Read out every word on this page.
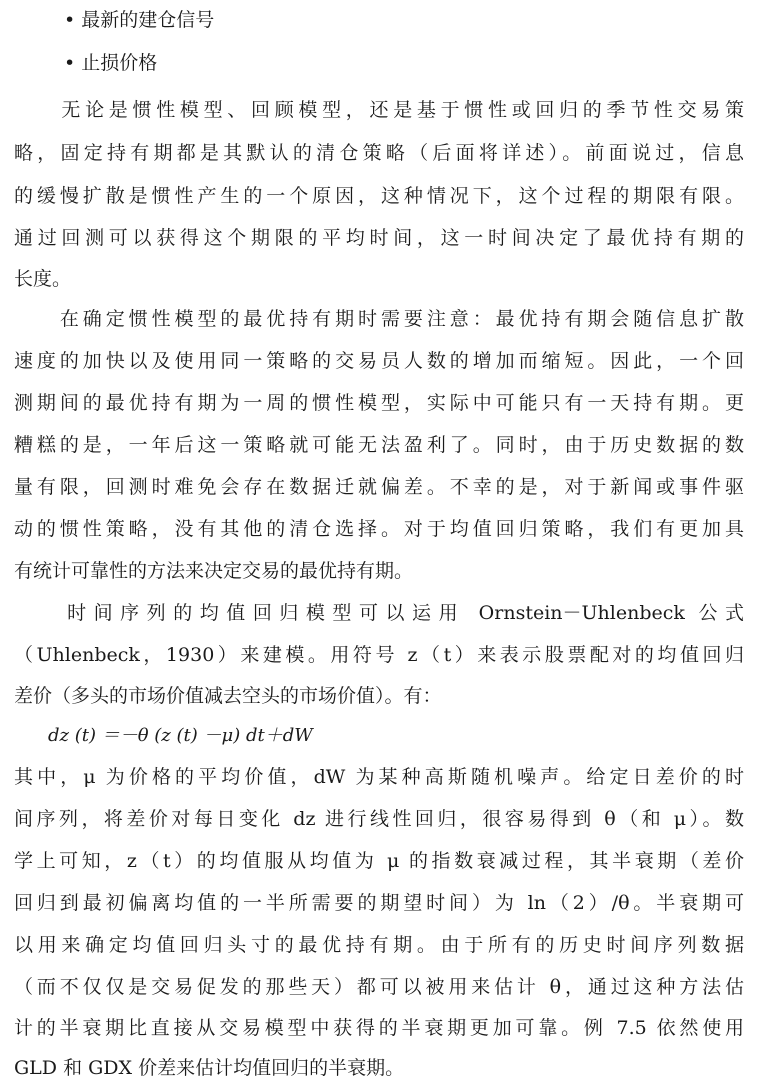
• 最新的建仓信号
• 止损价格
　　无论是惯性模型、回顾模型，还是基于惯性或回归的季节性交易策
略，固定持有期都是其默认的清仓策略（后面将详述）。前面说过，信息
的缓慢扩散是惯性产生的一个原因，这种情况下，这个过程的期限有限。
通过回测可以获得这个期限的平均时间，这一时间决定了最优持有期的
长度。
　　在确定惯性模型的最优持有期时需要注意：最优持有期会随信息扩散
速度的加快以及使用同一策略的交易员人数的增加而缩短。因此，一个回
测期间的最优持有期为一周的惯性模型，实际中可能只有一天持有期。更
糟糕的是，一年后这一策略就可能无法盈利了。同时，由于历史数据的数
量有限，回测时难免会存在数据迁就偏差。不幸的是，对于新闻或事件驱
动的惯性策略，没有其他的清仓选择。对于均值回归策略，我们有更加具
有统计可靠性的方法来决定交易的最优持有期。
　　时间序列的均值回归模型可以运用 Ornstein－Uhlenbeck 公式
（Uhlenbeck，1930）来建模。用符号 z（t）来表示股票配对的均值回归
差价（多头的市场价值减去空头的市场价值）。有：
dz (t) ＝－θ (z (t) －μ) dt＋dW
其中，μ 为价格的平均价值，dW 为某种高斯随机噪声。给定日差价的时
间序列，将差价对每日变化 dz 进行线性回归，很容易得到 θ（和 μ）。数
学上可知，z（t）的均值服从均值为 μ 的指数衰减过程，其半衰期（差价
回归到最初偏离均值的一半所需要的期望时间）为 ln（2）/θ。半衰期可
以用来确定均值回归头寸的最优持有期。由于所有的历史时间序列数据
（而不仅仅是交易促发的那些天）都可以被用来估计 θ，通过这种方法估
计的半衰期比直接从交易模型中获得的半衰期更加可靠。例 7.5 依然使用
GLD 和 GDX 价差来估计均值回归的半衰期。
